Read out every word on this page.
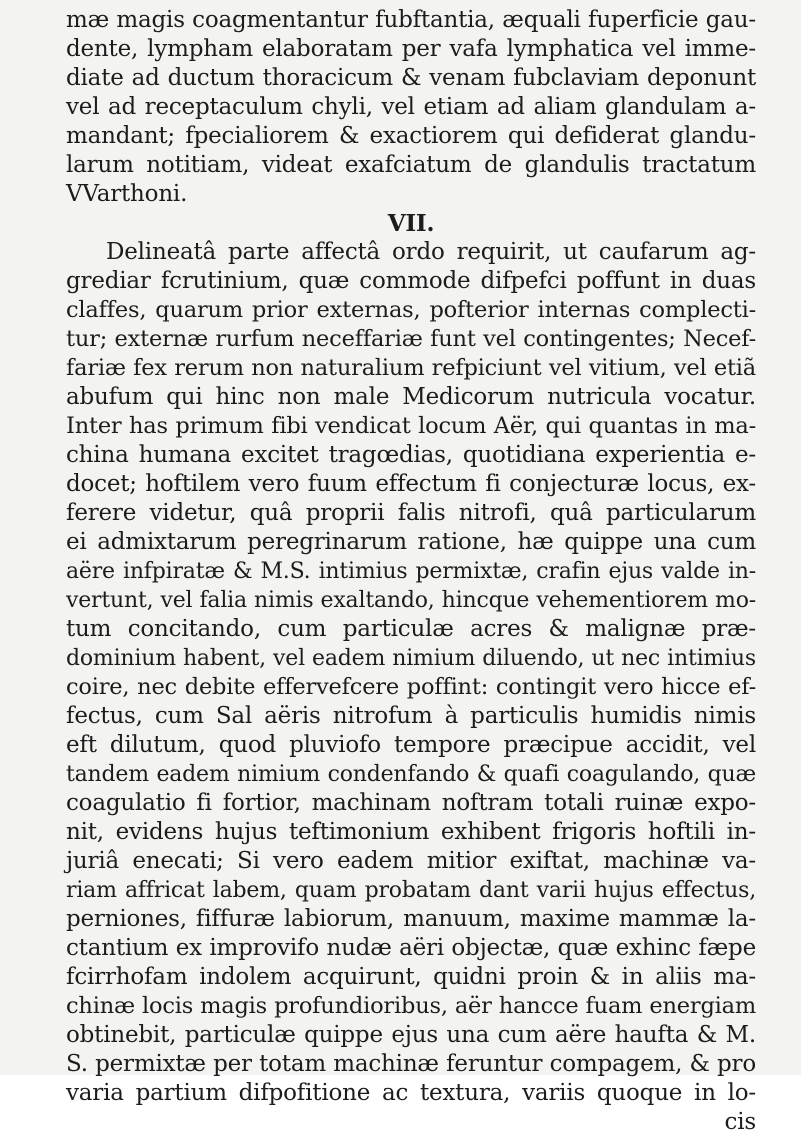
mæ magis coagmentantur fubftantia, æquali fuperficie gau-
dente, lympham elaboratam per vafa lymphatica vel imme-
diate ad ductum thoracicum & venam fubclaviam deponunt
vel ad receptaculum chyli, vel etiam ad aliam glandulam a-
mandant; fpecialiorem & exactiorem qui defiderat glandu-
larum notitiam, videat exafciatum de glandulis tractatum
VVarthoni.
VII.
Delineatâ parte affectâ ordo requirit, ut caufarum ag-
grediar fcrutinium, quæ commode difpefci poffunt in duas
claffes, quarum prior externas, pofterior internas complecti-
tur; externæ rurfum neceffariæ funt vel contingentes; Necef-
fariæ fex rerum non naturalium refpiciunt vel vitium, vel etiã
abufum qui hinc non male Medicorum nutricula vocatur.
Inter has primum fibi vendicat locum Aër, qui quantas in ma-
china humana excitet tragœdias, quotidiana experientia e-
docet; hoftilem vero fuum effectum fi conjecturæ locus, ex-
ferere videtur, quâ proprii falis nitrofi, quâ particularum
ei admixtarum peregrinarum ratione, hæ quippe una cum
aëre infpiratæ & M.S. intimius permixtæ, crafin ejus valde in-
vertunt, vel falia nimis exaltando, hincque vehementiorem mo-
tum concitando, cum particulæ acres & malignæ præ-
dominium habent, vel eadem nimium diluendo, ut nec intimius
coire, nec debite effervefcere poffint: contingit vero hicce ef-
fectus, cum Sal aëris nitrofum à particulis humidis nimis
eft dilutum, quod pluviofo tempore præcipue accidit, vel
tandem eadem nimium condenfando & quafi coagulando, quæ
coagulatio fi fortior, machinam noftram totali ruinæ expo-
nit, evidens hujus teftimonium exhibent frigoris hoftili in-
juriâ enecati; Si vero eadem mitior exiftat, machinæ va-
riam affricat labem, quam probatam dant varii hujus effectus,
perniones, fiffuræ labiorum, manuum, maxime mammæ la-
ctantium ex improvifo nudæ aëri objectæ, quæ exhinc fæpe
fcirrhofam indolem acquirunt, quidni proin & in aliis ma-
chinæ locis magis profundioribus, aër hancce fuam energiam
obtinebit, particulæ quippe ejus una cum aëre haufta & M.
S. permixtæ per totam machinæ feruntur compagem, & pro
varia partium difpofitione ac textura, variis quoque in lo-
cis
